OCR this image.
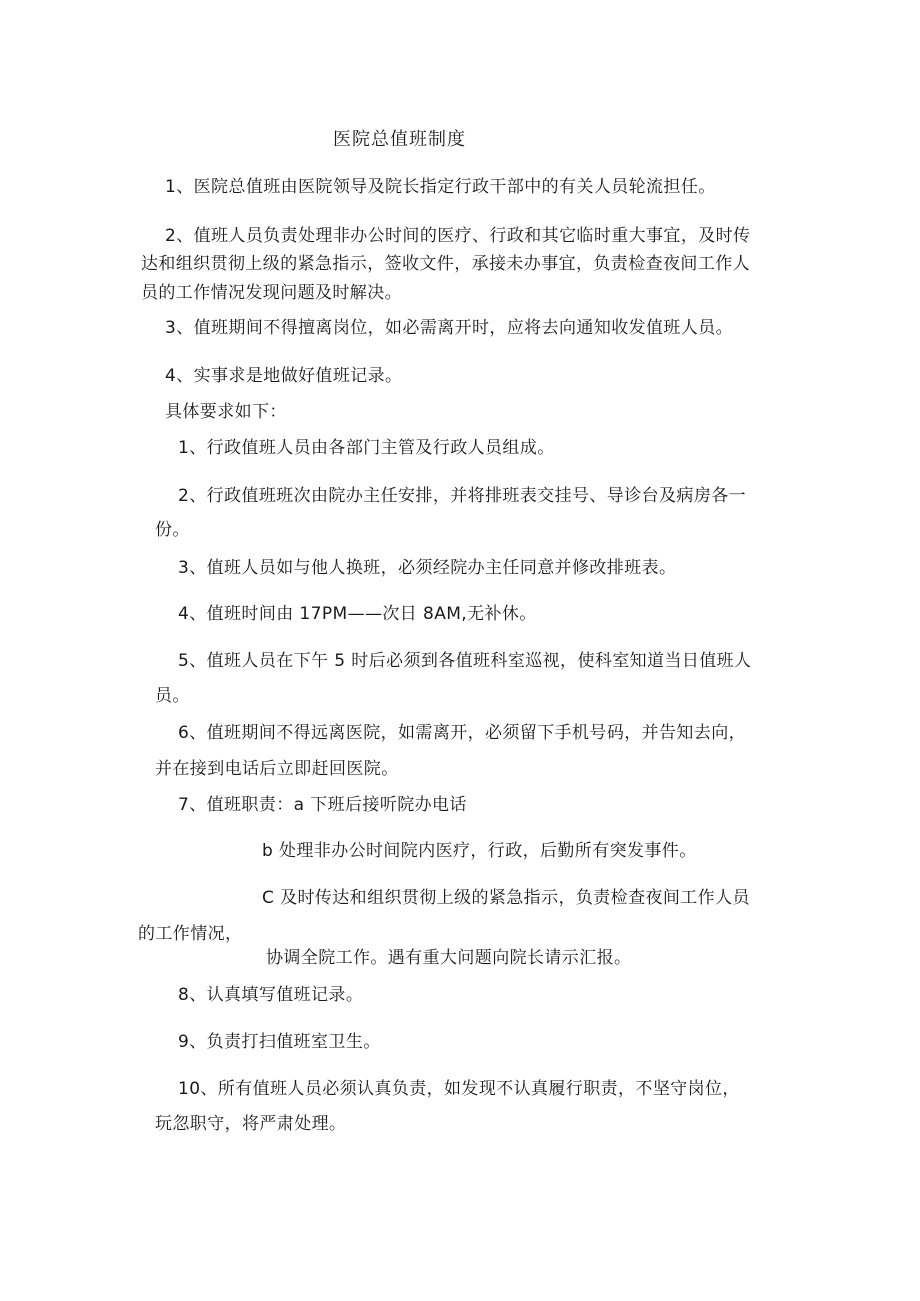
医院总值班制度
1、医院总值班由医院领导及院长指定行政干部中的有关人员轮流担任。
2、值班人员负责处理非办公时间的医疗、行政和其它临时重大事宜，及时传
达和组织贯彻上级的紧急指示，签收文件，承接未办事宜，负责检查夜间工作人
员的工作情况发现问题及时解决。
3、值班期间不得擅离岗位，如必需离开时，应将去向通知收发值班人员。
4、实事求是地做好值班记录。
具体要求如下：
1、行政值班人员由各部门主管及行政人员组成。
2、行政值班班次由院办主任安排，并将排班表交挂号、导诊台及病房各一
份。
3、值班人员如与他人换班，必须经院办主任同意并修改排班表。
4、值班时间由 17PM——次日 8AM,无补休。
5、值班人员在下午 5 时后必须到各值班科室巡视，使科室知道当日值班人
员。
6、值班期间不得远离医院，如需离开，必须留下手机号码，并告知去向，
并在接到电话后立即赶回医院。
7、值班职责：a 下班后接听院办电话
b 处理非办公时间院内医疗，行政，后勤所有突发事件。
C 及时传达和组织贯彻上级的紧急指示，负责检查夜间工作人员
的工作情况，
协调全院工作。遇有重大问题向院长请示汇报。
8、认真填写值班记录。
9、负责打扫值班室卫生。
10、所有值班人员必须认真负责，如发现不认真履行职责，不坚守岗位，
玩忽职守，将严肃处理。
